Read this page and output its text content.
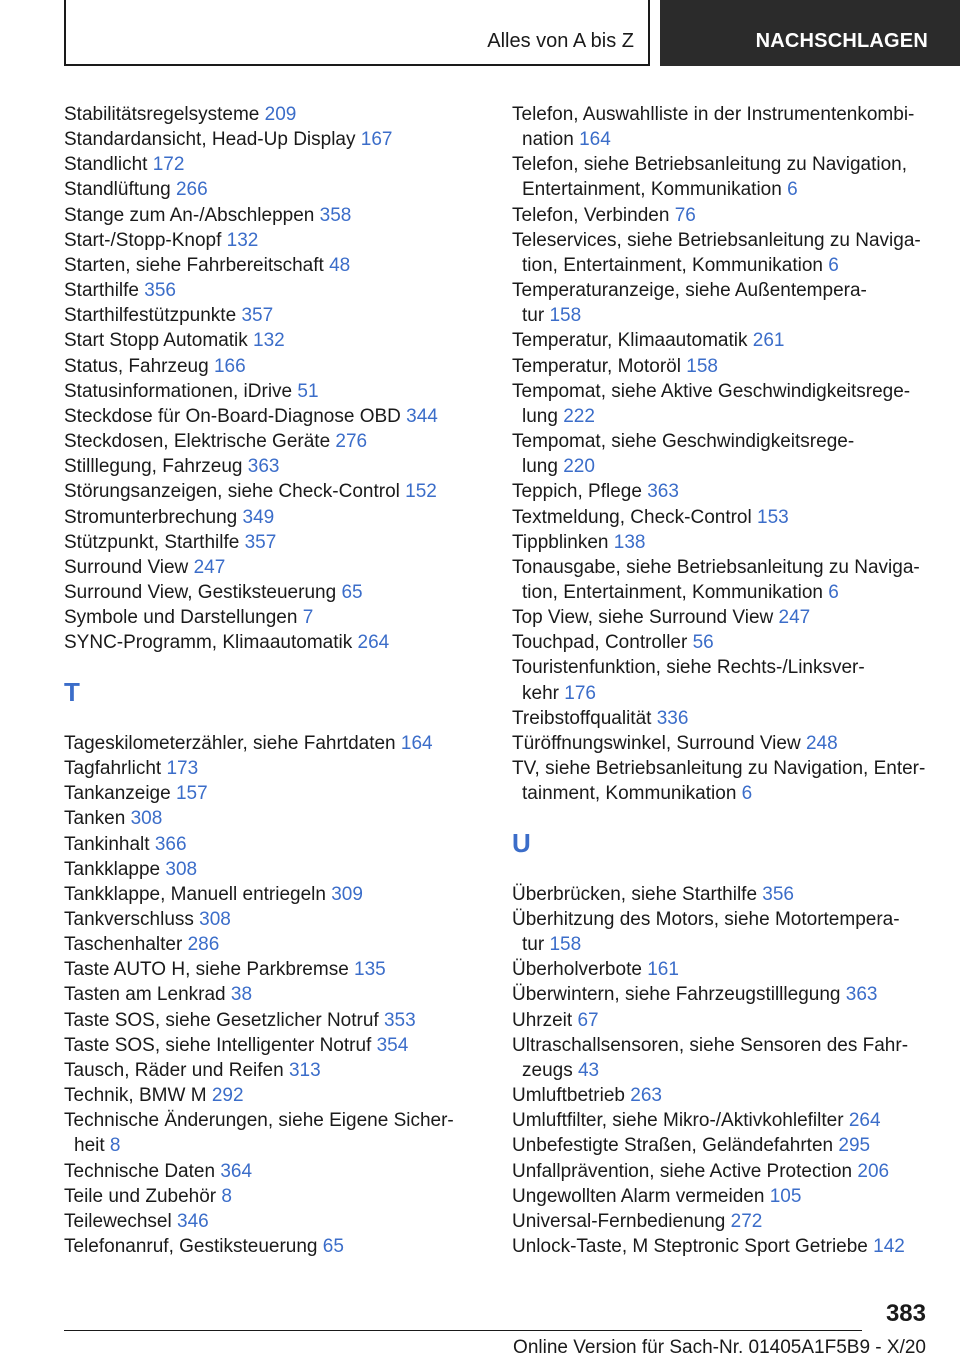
Alles von A bis Z	NACHSCHLAGEN
Stabilitätsregelsysteme 209
Standardansicht, Head-Up Display 167
Standlicht 172
Standlüftung 266
Stange zum An-/Abschleppen 358
Start-/Stopp-Knopf 132
Starten, siehe Fahrbereitschaft 48
Starthilfe 356
Starthilfestützpunkte 357
Start Stopp Automatik 132
Status, Fahrzeug 166
Statusinformationen, iDrive 51
Steckdose für On-Board-Diagnose OBD 344
Steckdosen, Elektrische Geräte 276
Stilllegung, Fahrzeug 363
Störungsanzeigen, siehe Check-Control 152
Stromunterbrechung 349
Stützpunkt, Starthilfe 357
Surround View 247
Surround View, Gestiksteuerung 65
Symbole und Darstellungen 7
SYNC-Programm, Klimaautomatik 264
T
Tageskilometerzähler, siehe Fahrtdaten 164
Tagfahrlicht 173
Tankanzeige 157
Tanken 308
Tankinhalt 366
Tankklappe 308
Tankklappe, Manuell entriegeln 309
Tankverschluss 308
Taschenhalter 286
Taste AUTO H, siehe Parkbremse 135
Tasten am Lenkrad 38
Taste SOS, siehe Gesetzlicher Notruf 353
Taste SOS, siehe Intelligenter Notruf 354
Tausch, Räder und Reifen 313
Technik, BMW M 292
Technische Änderungen, siehe Eigene Sicher-
heit 8
Technische Daten 364
Teile und Zubehör 8
Teilewechsel 346
Telefonanruf, Gestiksteuerung 65
Telefon, Auswahlliste in der Instrumentenkombi-
nation 164
Telefon, siehe Betriebsanleitung zu Navigation,
Entertainment, Kommunikation 6
Telefon, Verbinden 76
Teleservices, siehe Betriebsanleitung zu Naviga-
tion, Entertainment, Kommunikation 6
Temperaturanzeige, siehe Außentempera-
tur 158
Temperatur, Klimaautomatik 261
Temperatur, Motoröl 158
Tempomat, siehe Aktive Geschwindigkeitsrege-
lung 222
Tempomat, siehe Geschwindigkeitsrege-
lung 220
Teppich, Pflege 363
Textmeldung, Check-Control 153
Tippblinken 138
Tonausgabe, siehe Betriebsanleitung zu Naviga-
tion, Entertainment, Kommunikation 6
Top View, siehe Surround View 247
Touchpad, Controller 56
Touristenfunktion, siehe Rechts-/Linksver-
kehr 176
Treibstoffqualität 336
Türöffnungswinkel, Surround View 248
TV, siehe Betriebsanleitung zu Navigation, Enter-
tainment, Kommunikation 6
U
Überbrücken, siehe Starthilfe 356
Überhitzung des Motors, siehe Motortempera-
tur 158
Überholverbote 161
Überwintern, siehe Fahrzeugstilllegung 363
Uhrzeit 67
Ultraschallsensoren, siehe Sensoren des Fahr-
zeugs 43
Umluftbetrieb 263
Umluftfilter, siehe Mikro-/Aktivkohlefilter 264
Unbefestigte Straßen, Geländefahrten 295
Unfallprävention, siehe Active Protection 206
Ungewollten Alarm vermeiden 105
Universal-Fernbedienung 272
Unlock-Taste, M Steptronic Sport Getriebe 142
383
Online Version für Sach-Nr. 01405A1F5B9 - X/20
